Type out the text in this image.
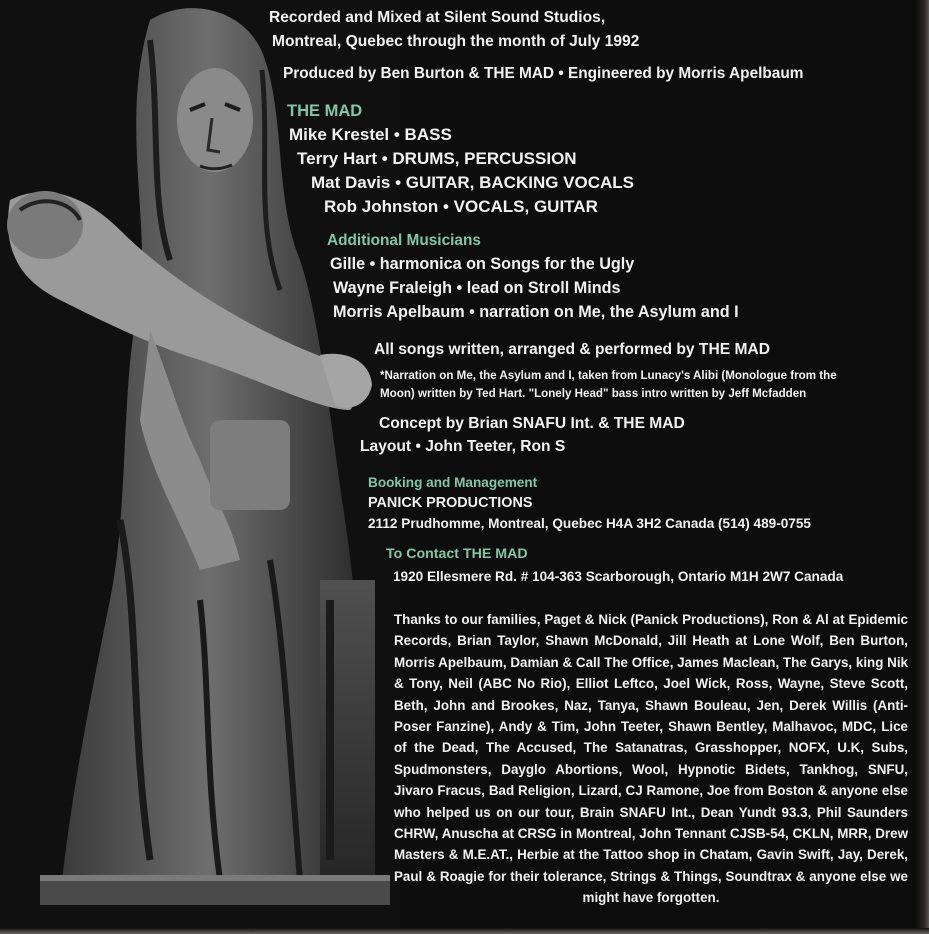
Recorded and Mixed at Silent Sound Studios,
Montreal, Quebec through the month of July 1992
Produced by Ben Burton & THE MAD • Engineered by Morris Apelbaum
THE MAD
Mike Krestel • BASS
Terry Hart • DRUMS, PERCUSSION
Mat Davis • GUITAR, BACKING VOCALS
Rob Johnston • VOCALS, GUITAR
Additional Musicians
Gille • harmonica on Songs for the Ugly
Wayne Fraleigh • lead on Stroll Minds
Morris Apelbaum • narration on Me, the Asylum and I
All songs written, arranged & performed by THE MAD
*Narration on Me, the Asylum and I, taken from Lunacy's Alibi (Monologue from the
Moon) written by Ted Hart. "Lonely Head" bass intro written by Jeff Mcfadden
Concept by Brian SNAFU Int. & THE MAD
Layout • John Teeter, Ron S
Booking and Management
PANICK PRODUCTIONS
2112 Prudhomme, Montreal, Quebec H4A 3H2 Canada (514) 489-0755
To Contact THE MAD
1920 Ellesmere Rd. # 104-363 Scarborough, Ontario M1H 2W7 Canada
Thanks to our families, Paget & Nick (Panick Productions), Ron & Al at Epidemic Records, Brian Taylor, Shawn McDonald, Jill Heath at Lone Wolf, Ben Burton, Morris Apelbaum, Damian & Call The Office, James Maclean, The Garys, king Nik & Tony, Neil (ABC No Rio), Elliot Leftco, Joel Wick, Ross, Wayne, Steve Scott, Beth, John and Brookes, Naz, Tanya, Shawn Bouleau, Jen, Derek Willis (Anti-Poser Fanzine), Andy & Tim, John Teeter, Shawn Bentley, Malhavoc, MDC, Lice of the Dead, The Accused, The Satanatras, Grasshopper, NOFX, U.K, Subs, Spudmonsters, Dayglo Abortions, Wool, Hypnotic Bidets, Tankhog, SNFU, Jivaro Fracus, Bad Religion, Lizard, CJ Ramone, Joe from Boston & anyone else who helped us on our tour, Brain SNAFU Int., Dean Yundt 93.3, Phil Saunders CHRW, Anuscha at CRSG in Montreal, John Tennant CJSB-54, CKLN, MRR, Drew Masters & M.E.AT., Herbie at the Tattoo shop in Chatam, Gavin Swift, Jay, Derek, Paul & Roagie for their tolerance, Strings & Things, Soundtrax & anyone else we might have forgotten.
